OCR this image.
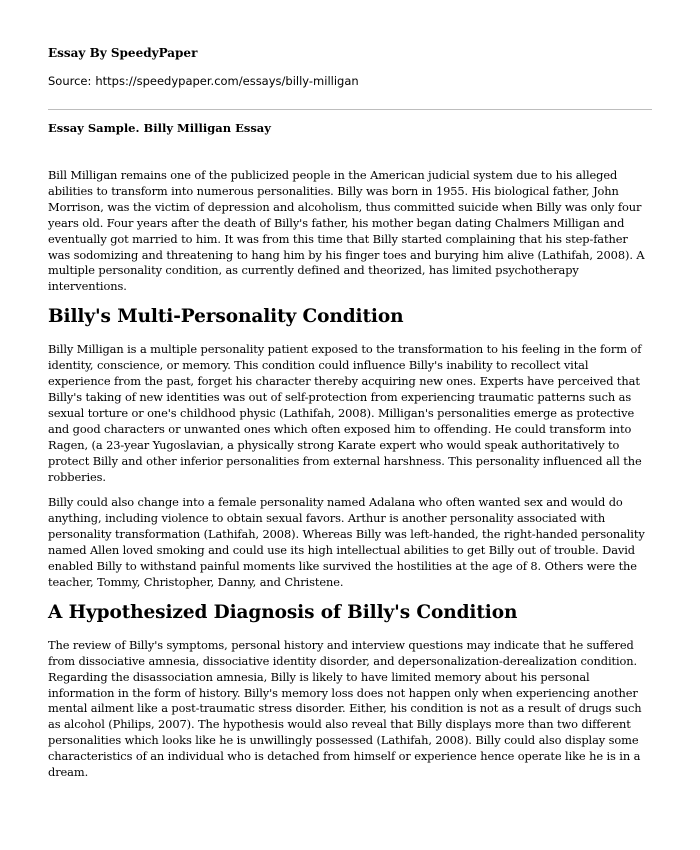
Essay By SpeedyPaper

Source: https://speedypaper.com/essays/billy-milligan

Essay Sample. Billy Milligan Essay

Bill Milligan remains one of the publicized people in the American judicial system due to his alleged abilities to transform into numerous personalities. Billy was born in 1955. His biological father, John Morrison, was the victim of depression and alcoholism, thus committed suicide when Billy was only four years old. Four years after the death of Billy's father, his mother began dating Chalmers Milligan and eventually got married to him. It was from this time that Billy started complaining that his step-father was sodomizing and threatening to hang him by his finger toes and burying him alive (Lathifah, 2008). A multiple personality condition, as currently defined and theorized, has limited psychotherapy interventions.

Billy's Multi-Personality Condition

Billy Milligan is a multiple personality patient exposed to the transformation to his feeling in the form of identity, conscience, or memory. This condition could influence Billy's inability to recollect vital experience from the past, forget his character thereby acquiring new ones. Experts have perceived that Billy's taking of new identities was out of self-protection from experiencing traumatic patterns such as sexual torture or one's childhood physic (Lathifah, 2008). Milligan's personalities emerge as protective and good characters or unwanted ones which often exposed him to offending. He could transform into Ragen, (a 23-year Yugoslavian, a physically strong Karate expert who would speak authoritatively to protect Billy and other inferior personalities from external harshness. This personality influenced all the robberies.

Billy could also change into a female personality named Adalana who often wanted sex and would do anything, including violence to obtain sexual favors. Arthur is another personality associated with personality transformation (Lathifah, 2008). Whereas Billy was left-handed, the right-handed personality named Allen loved smoking and could use its high intellectual abilities to get Billy out of trouble. David enabled Billy to withstand painful moments like survived the hostilities at the age of 8. Others were the teacher, Tommy, Christopher, Danny, and Christene.

A Hypothesized Diagnosis of Billy's Condition

The review of Billy's symptoms, personal history and interview questions may indicate that he suffered from dissociative amnesia, dissociative identity disorder, and depersonalization-derealization condition. Regarding the disassociation amnesia, Billy is likely to have limited memory about his personal information in the form of history. Billy's memory loss does not happen only when experiencing another mental ailment like a post-traumatic stress disorder. Either, his condition is not as a result of drugs such as alcohol (Philips, 2007). The hypothesis would also reveal that Billy displays more than two different personalities which looks like he is unwillingly possessed (Lathifah, 2008). Billy could also display some characteristics of an individual who is detached from himself or experience hence operate like he is in a dream.
